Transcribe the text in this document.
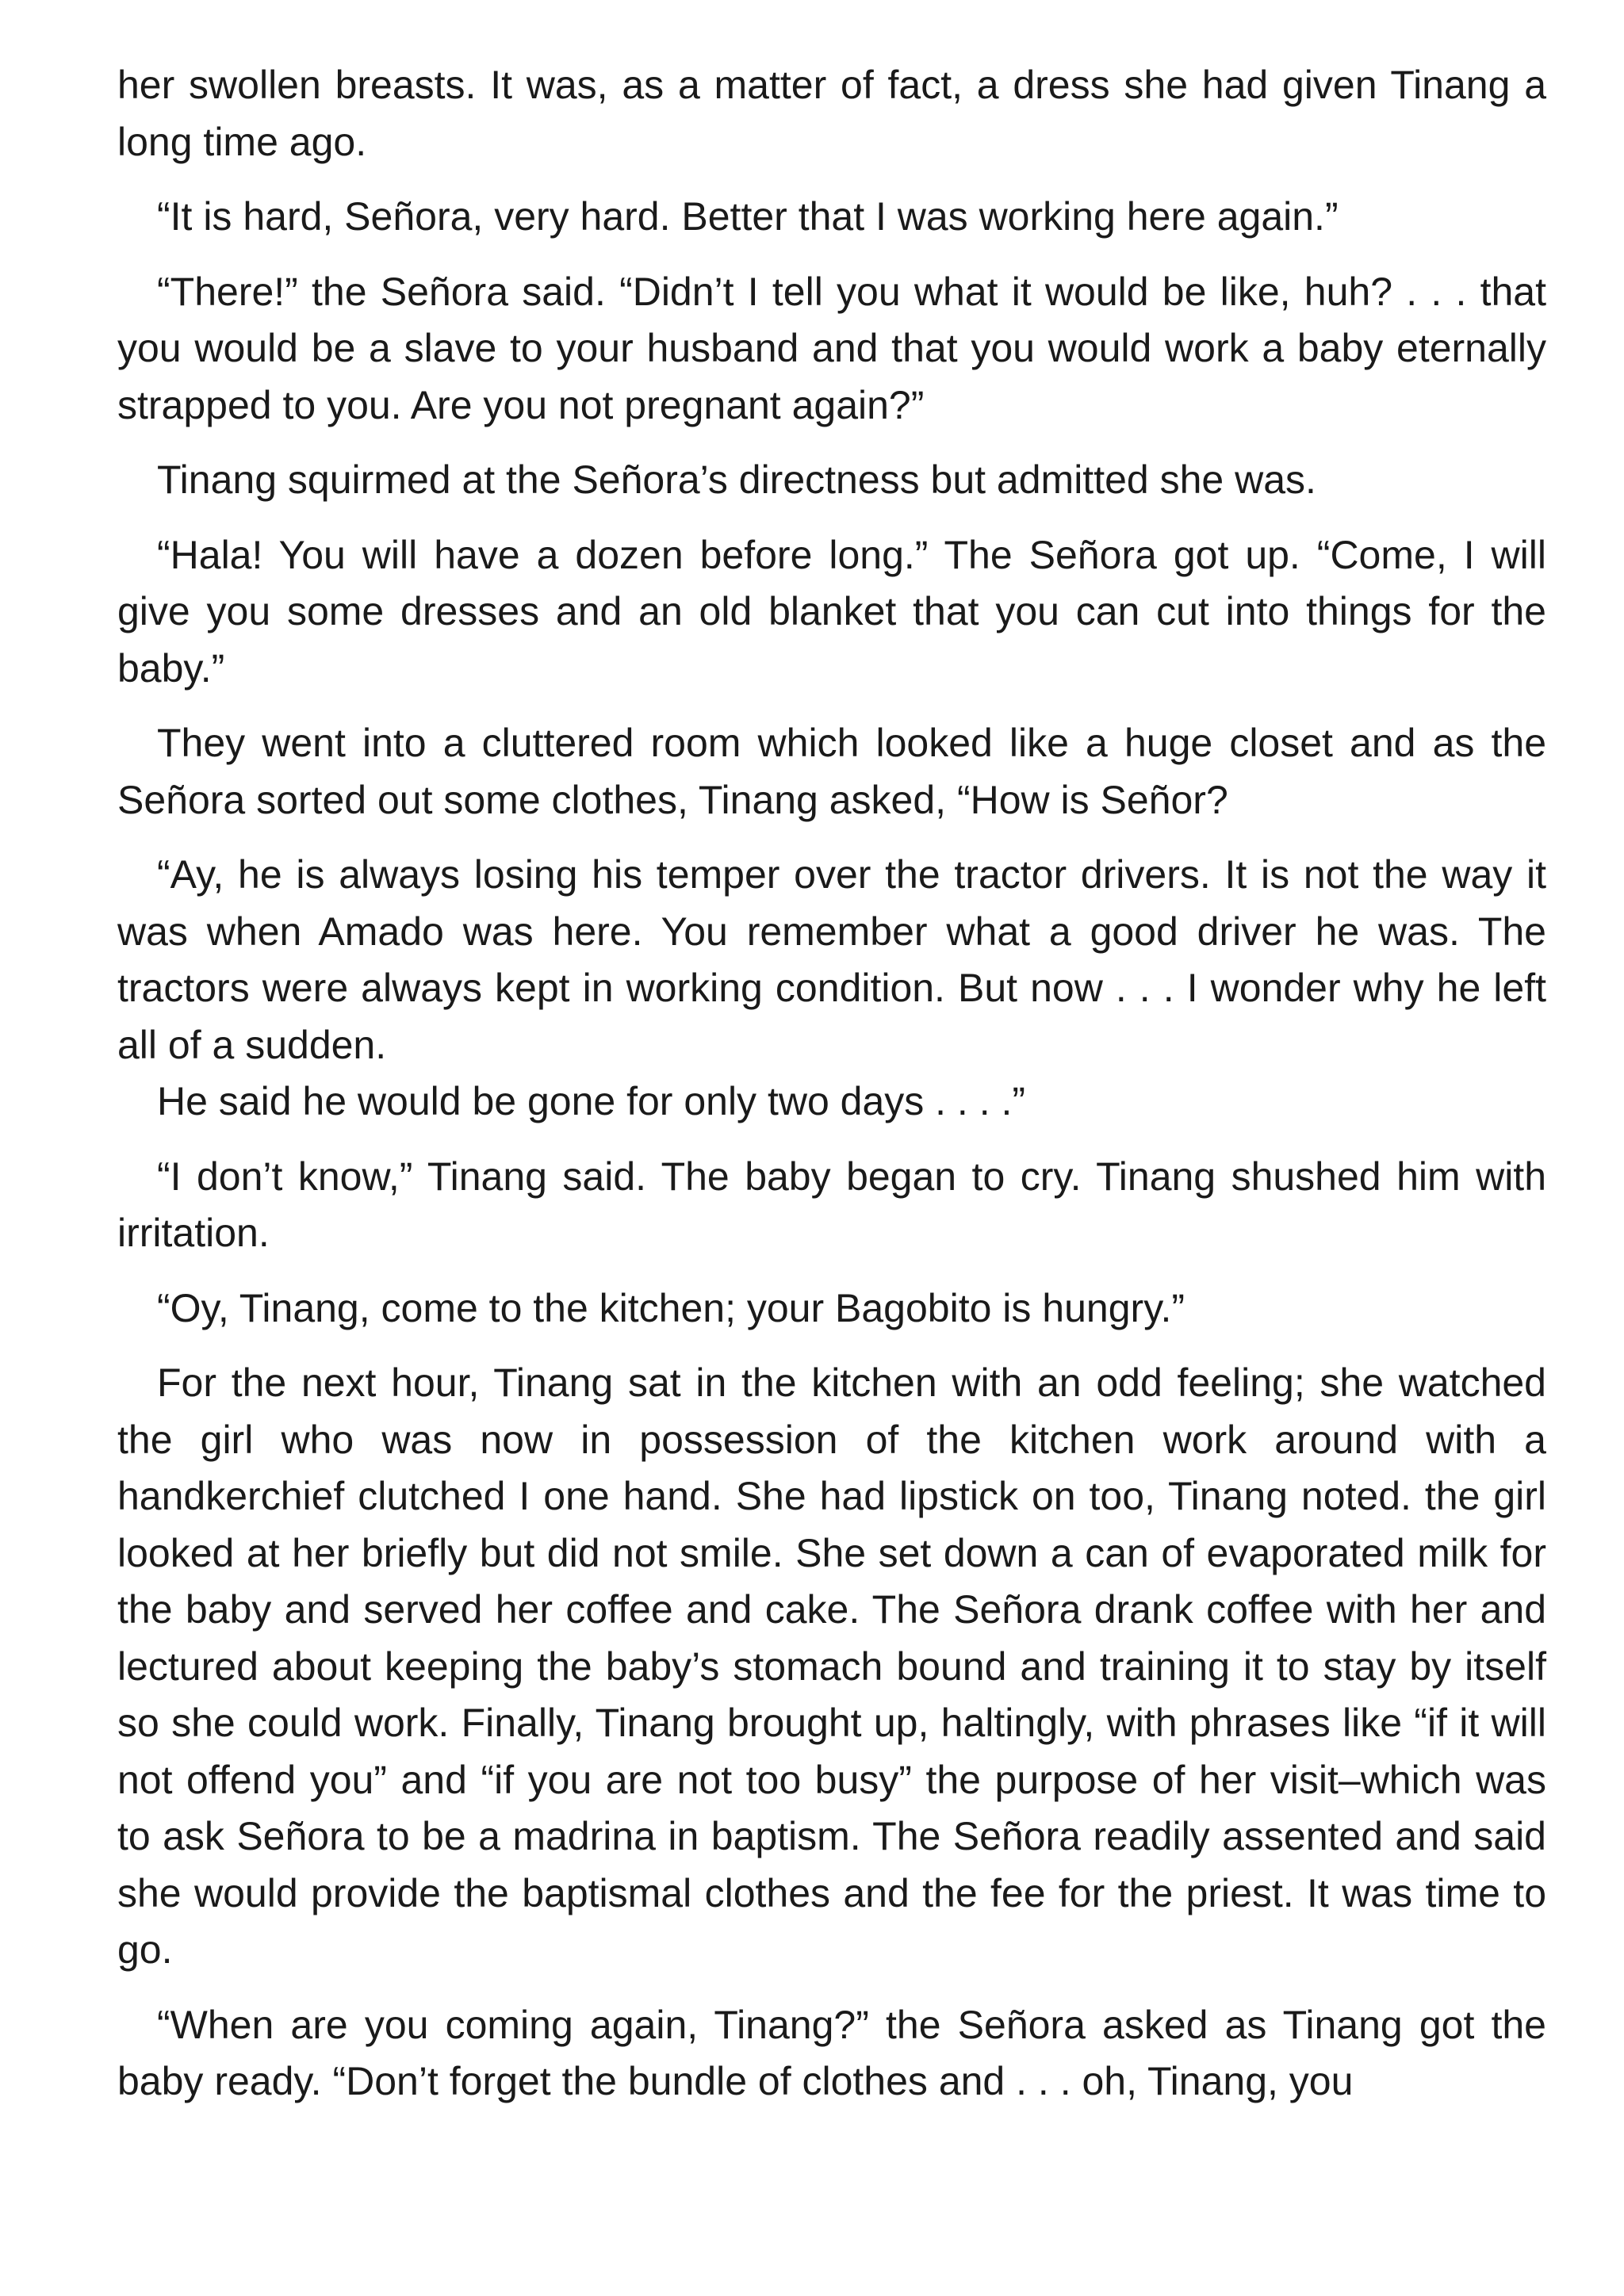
her swollen breasts. It was, as a matter of fact, a dress she had given Tinang a long time ago.

“It is hard, Señora, very hard. Better that I was working here again.”

“There!” the Señora said. “Didn’t I tell you what it would be like, huh? . . . that you would be a slave to your husband and that you would work a baby eternally strapped to you. Are you not pregnant again?”

Tinang squirmed at the Señora’s directness but admitted she was.

“Hala! You will have a dozen before long.” The Señora got up. “Come, I will give you some dresses and an old blanket that you can cut into things for the baby.”

They went into a cluttered room which looked like a huge closet and as the Señora sorted out some clothes, Tinang asked, “How is Señor?

“Ay, he is always losing his temper over the tractor drivers. It is not the way it was when Amado was here. You remember what a good driver he was. The tractors were always kept in working condition. But now . . . I wonder why he left all of a sudden.

He said he would be gone for only two days . . . .”

“I don’t know,” Tinang said. The baby began to cry. Tinang shushed him with irritation.

“Oy, Tinang, come to the kitchen; your Bagobito is hungry.”

For the next hour, Tinang sat in the kitchen with an odd feeling; she watched the girl who was now in possession of the kitchen work around with a handkerchief clutched I one hand. She had lipstick on too, Tinang noted. the girl looked at her briefly but did not smile. She set down a can of evaporated milk for the baby and served her coffee and cake. The Señora drank coffee with her and lectured about keeping the baby’s stomach bound and training it to stay by itself so she could work. Finally, Tinang brought up, haltingly, with phrases like “if it will not offend you” and “if you are not too busy” the purpose of her visit–which was to ask Señora to be a madrina in baptism. The Señora readily assented and said she would provide the baptismal clothes and the fee for the priest. It was time to go.

“When are you coming again, Tinang?” the Señora asked as Tinang got the baby ready. “Don’t forget the bundle of clothes and . . . oh, Tinang, you
